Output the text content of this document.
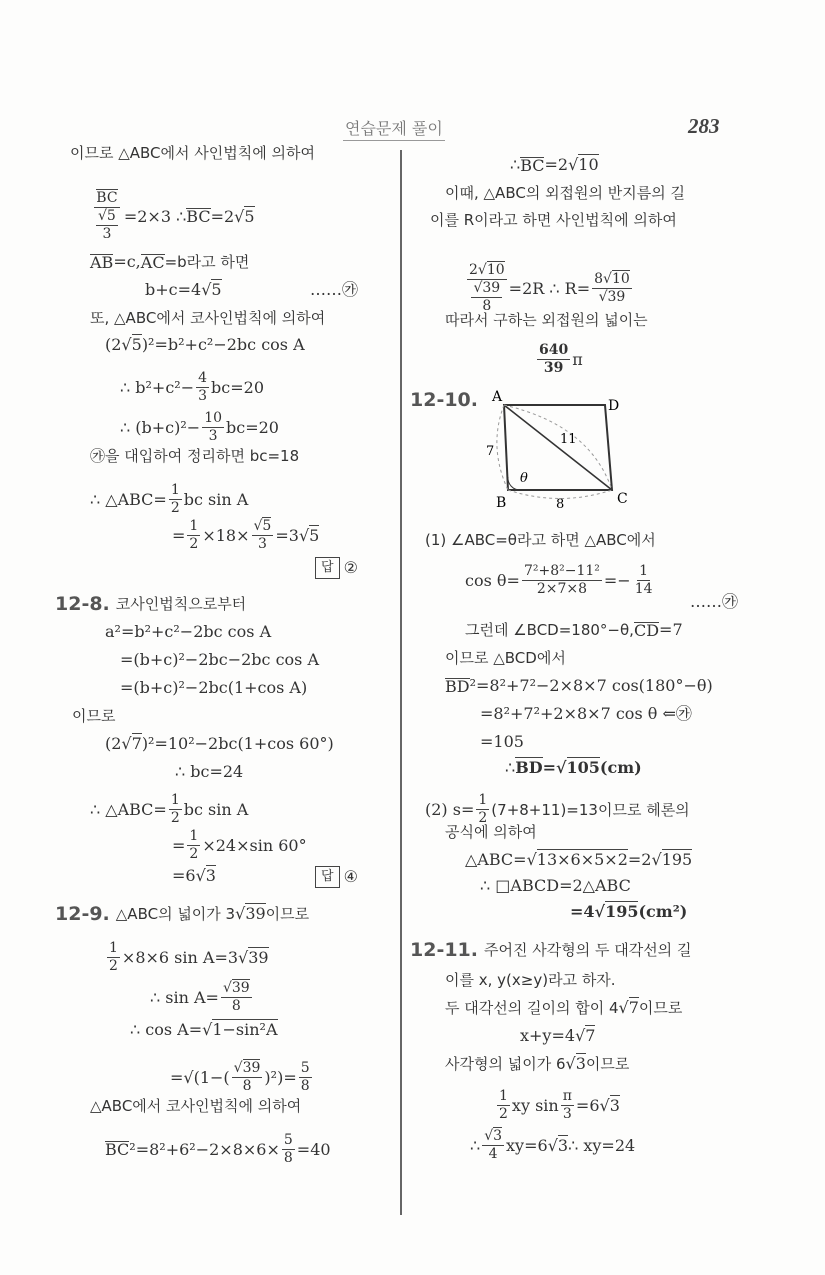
연습문제 풀이	283
이므로 △ABC에서 사인법칙에 의하여
BC
√ $\frac{5}{3} =2\times 3$ ∴ BC =2 √ 5
AB =c, AC =b라고 하면
b+c=4 √ 5	……㉮
또, △ABC에서 코사인법칙에 의하여
(2 √ 5 )²=b²+c²−2bc cos A
∴ $b^2+c^2- \frac{4}{3} bc=20$
∴ $(b+c)^2- \frac{10}{3} bc=20$
㉮을 대입하여 정리하면 bc=18
∴ △ABC= $\frac{1}{2}$ bc sin A
= $\frac{1}{2} \times 18\times$ √ $\frac{5}{3} =3$ √ 5
답 ②
12-8. 코사인법칙으로부터
a²=b²+c²−2bc cos A
=(b+c)²−2bc−2bc cos A
=(b+c)²−2bc(1+cos A)
이므로
(2 √ 7 )²=10²−2bc(1+cos 60°)
∴ bc=24
∴ △ABC= $\frac{1}{2}$ bc sin A
= $\frac{1}{2} \times 24\times\sin$ 60°
=6 √ 3	답 ④
12-9. △ABC의 넓이가 3 √ 39 이므로
$\frac{1}{2} \times 8\times 6$ sin A=3 √ 39
∴ sin A= √ $\frac{39}{8}$
∴ cos A= √ 1−sin²A
=√(1−( √ $\frac{39}{8} )^2)= \frac{5}{8}$
△ABC에서 코사인법칙에 의하여
BC $^2=8^2+6^2-2\times 8\times 6\times \frac{5}{8} =40$
∴ BC =2 √ 10
이때, △ABC의 외접원의 반지름의 길
이를 R이라고 하면 사인법칙에 의하여
2 √ 10
√ $\frac{39}{8} =2R$ ∴ R= 8 √ 10
√ 39
따라서 구하는 외접원의 넓이는
$\frac{640}{39}$ π
12-10.
(1) ∠ABC=θ라고 하면 △ABC에서
$\cos \theta= \frac{\text{7²+8²−11²}}{2\times 7\times 8} =- \frac{1}{14}$
……㉮
그런데 ∠BCD=180°−θ, CD =7
이므로 △BCD에서
BD ²=8²+7²−2×8×7 cos(180°−θ)
=8²+7²+2×8×7 cos θ ⇐㉮
=105
∴ BD= √ 105(cm)
(2) $s= \frac{1}{2} (7+8+11)=13$이므로 헤론의
공식에 의하여
△ABC= √ 13×6×5×2 =2 √ 195
∴ □ABCD=2△ABC
=4 √ 195(cm²)
12-11. 주어진 사각형의 두 대각선의 길
이를 x, y(x≥y)라고 하자.
두 대각선의 길이의 합이 4 √ 7 이므로
x+y=4 √ 7
사각형의 넓이가 6 √ 3 이므로
$\frac{1}{2}$ xy $\sin \frac{\pi}{3} =6$ √ 3
∴ √ $\frac{3}{4} xy=6$ √ 3 ∴ xy=24
A
B	C
D
7
8
11
θ
